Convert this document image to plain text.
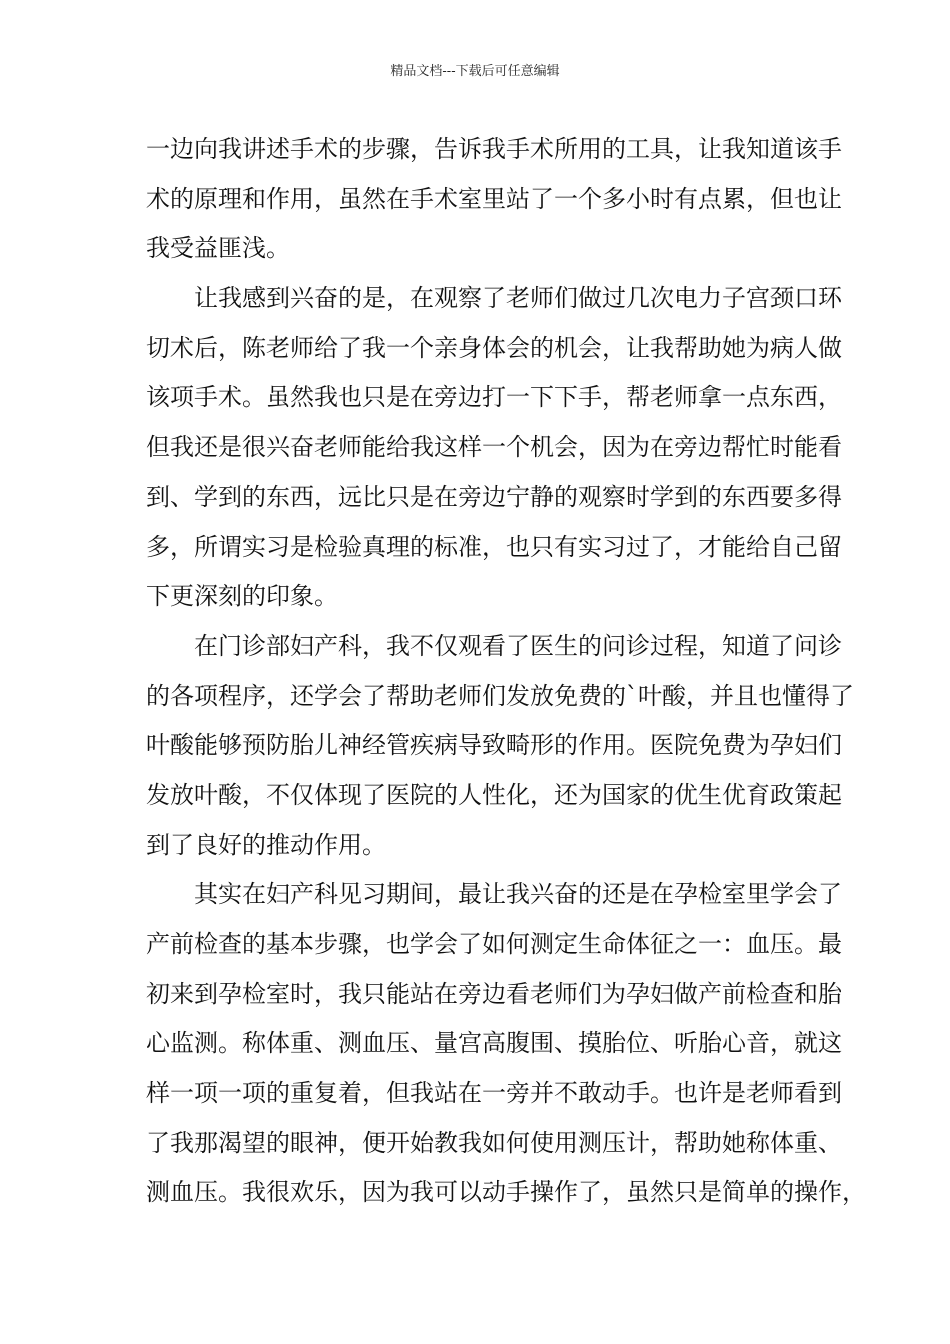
精品文档---下载后可任意编辑
一边向我讲述手术的步骤，告诉我手术所用的工具，让我知道该手
术的原理和作用，虽然在手术室里站了一个多小时有点累，但也让
我受益匪浅。
让我感到兴奋的是，在观察了老师们做过几次电力子宫颈口环
切术后，陈老师给了我一个亲身体会的机会，让我帮助她为病人做
该项手术。虽然我也只是在旁边打一下下手，帮老师拿一点东西，
但我还是很兴奋老师能给我这样一个机会，因为在旁边帮忙时能看
到、学到的东西，远比只是在旁边宁静的观察时学到的东西要多得
多，所谓实习是检验真理的标准，也只有实习过了，才能给自己留
下更深刻的印象。
在门诊部妇产科，我不仅观看了医生的问诊过程，知道了问诊
的各项程序，还学会了帮助老师们发放免费的`叶酸，并且也懂得了
叶酸能够预防胎儿神经管疾病导致畸形的作用。医院免费为孕妇们
发放叶酸，不仅体现了医院的人性化，还为国家的优生优育政策起
到了良好的推动作用。
其实在妇产科见习期间，最让我兴奋的还是在孕检室里学会了
产前检查的基本步骤，也学会了如何测定生命体征之一：血压。最
初来到孕检室时，我只能站在旁边看老师们为孕妇做产前检查和胎
心监测。称体重、测血压、量宫高腹围、摸胎位、听胎心音，就这
样一项一项的重复着，但我站在一旁并不敢动手。也许是老师看到
了我那渴望的眼神，便开始教我如何使用测压计，帮助她称体重、
测血压。我很欢乐，因为我可以动手操作了，虽然只是简单的操作，
